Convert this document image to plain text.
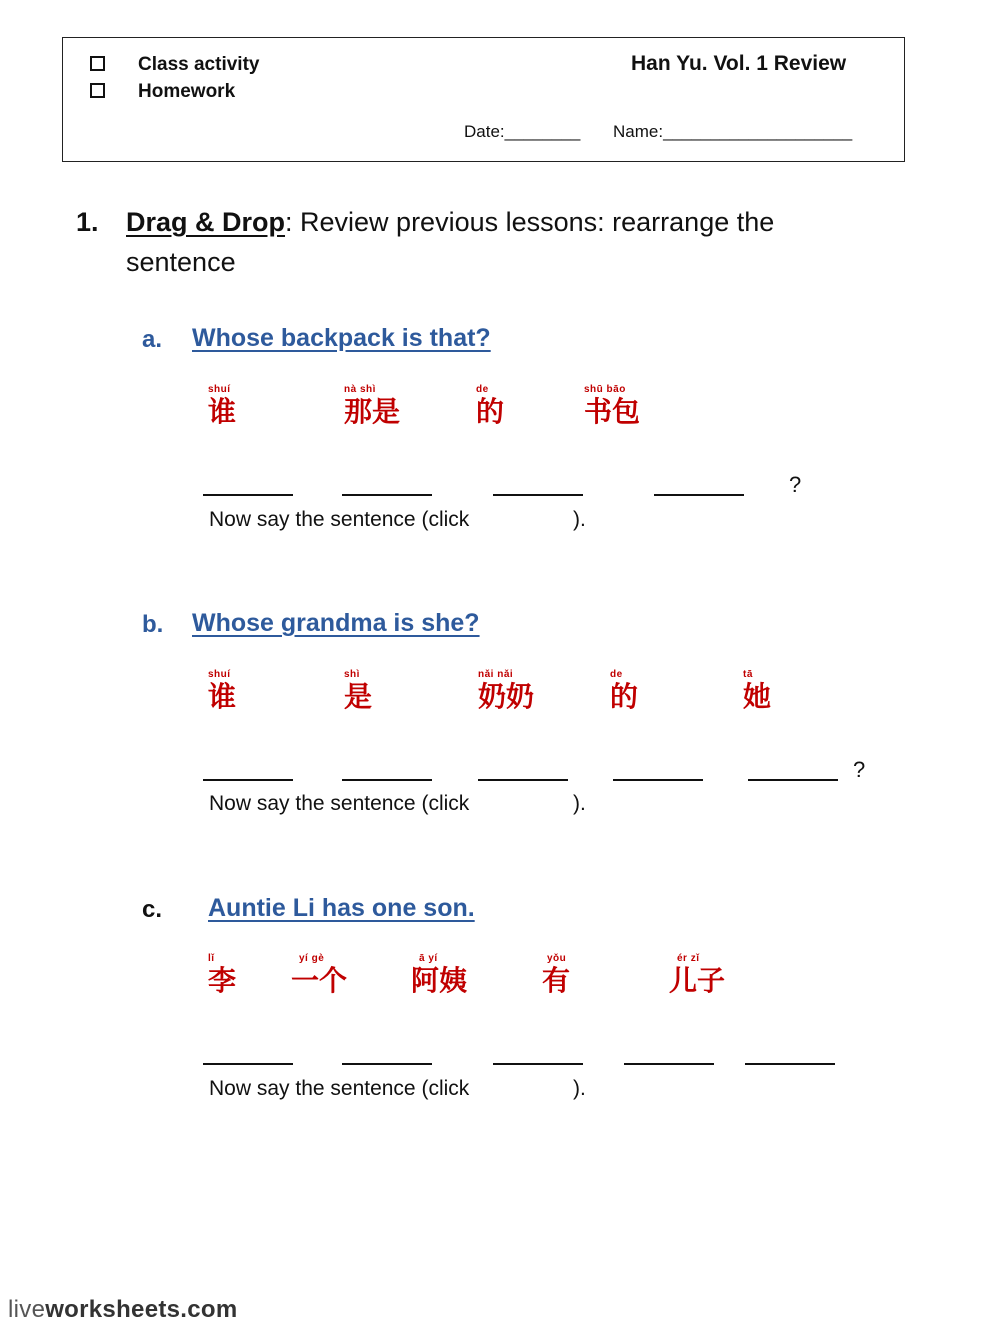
Class activity
Homework
Han Yu. Vol. 1 Review
Date:________ Name:____________________
1. Drag & Drop: Review previous lessons: rearrange the
sentence
a. Whose backpack is that?
shuí
谁
nà shì
那是
de
的
shū bāo
书包
?
Now say the sentence (click	).
b. Whose grandma is she?
shuí
谁
shì
是
nǎi nǎi
奶奶
de
的
tā
她
?
Now say the sentence (click	).
c. Auntie Li has one son.
lǐ
李
yí gè
一个
ā yí
阿姨
yǒu
有
ér zǐ
儿子
Now say the sentence (click	).
liveworksheets.com
